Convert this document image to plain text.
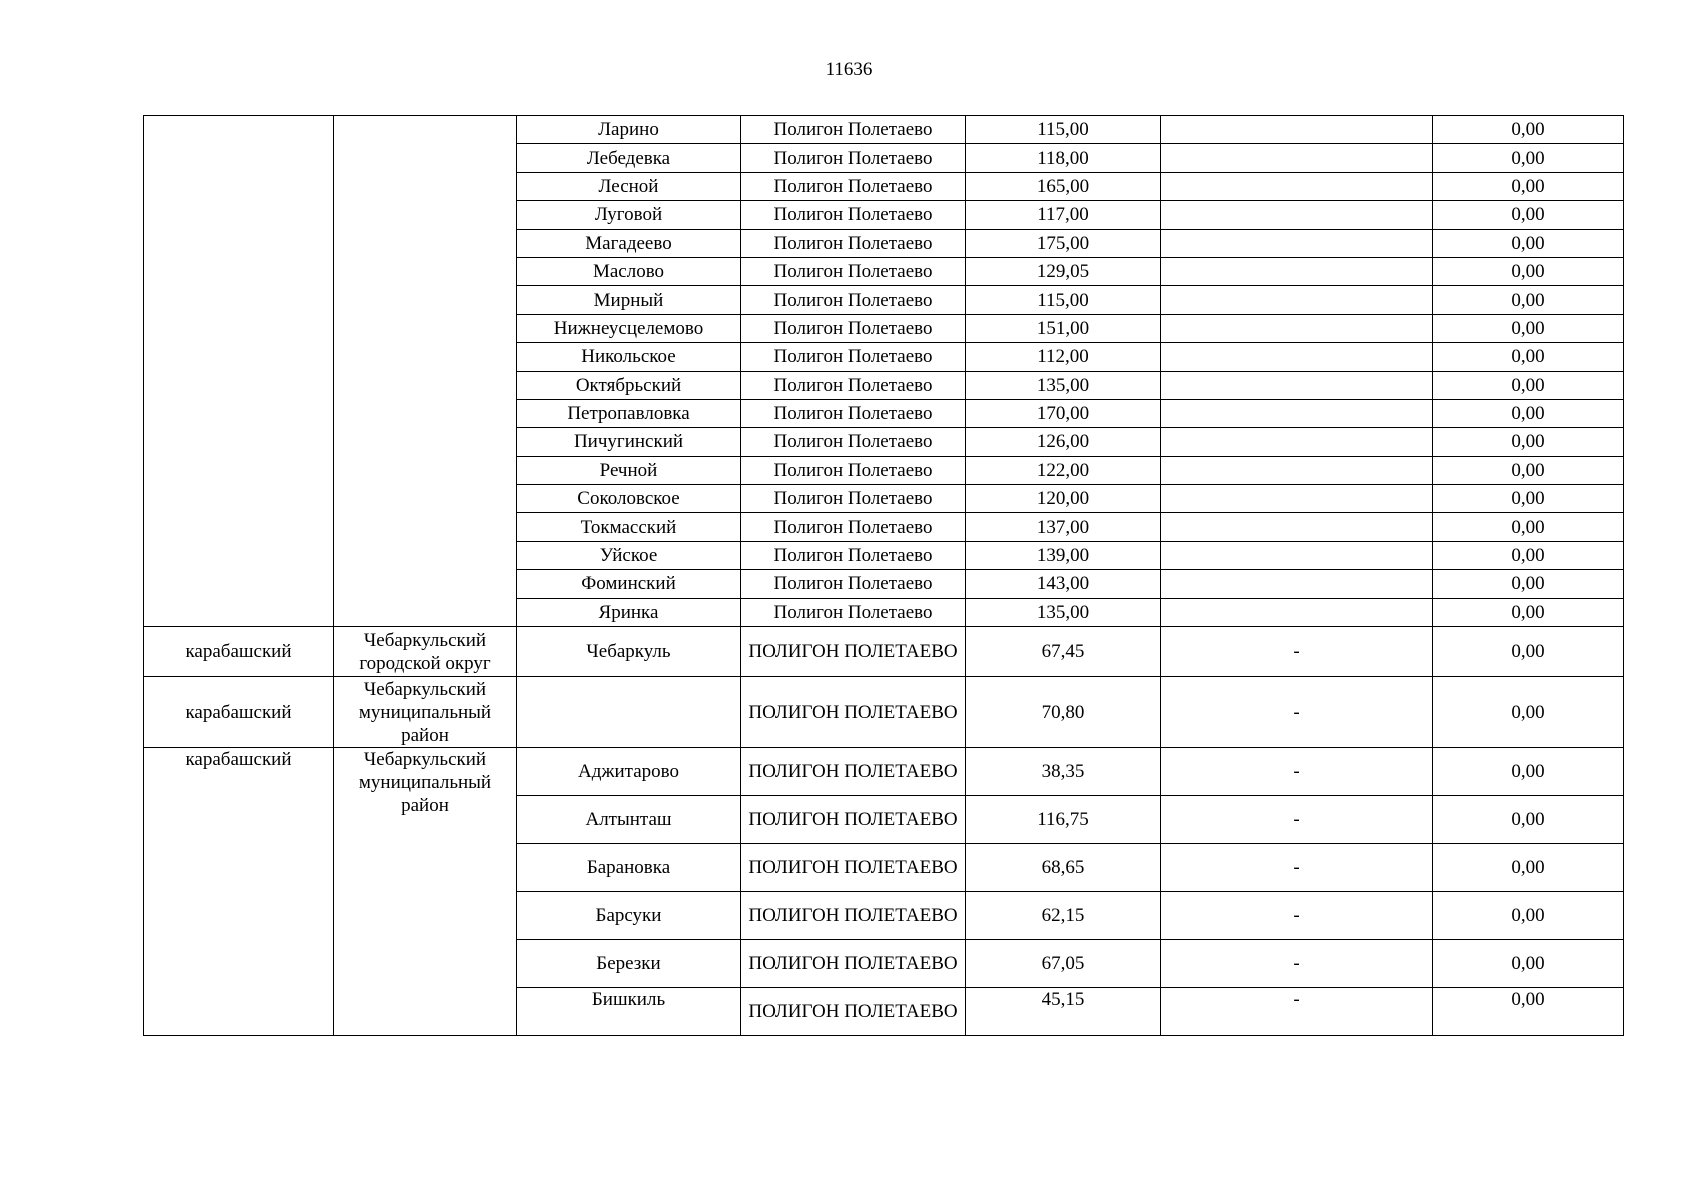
11636
		Ларино	Полигон Полетаево	115,00		0,00
		Лебедевка	Полигон Полетаево	118,00		0,00
		Лесной	Полигон Полетаево	165,00		0,00
		Луговой	Полигон Полетаево	117,00		0,00
		Магадеево	Полигон Полетаево	175,00		0,00
		Маслово	Полигон Полетаево	129,05		0,00
		Мирный	Полигон Полетаево	115,00		0,00
		Нижнеусцелемово	Полигон Полетаево	151,00		0,00
		Никольское	Полигон Полетаево	112,00		0,00
		Октябрьский	Полигон Полетаево	135,00		0,00
		Петропавловка	Полигон Полетаево	170,00		0,00
		Пичугинский	Полигон Полетаево	126,00		0,00
		Речной	Полигон Полетаево	122,00		0,00
		Соколовское	Полигон Полетаево	120,00		0,00
		Токмасский	Полигон Полетаево	137,00		0,00
		Уйское	Полигон Полетаево	139,00		0,00
		Фоминский	Полигон Полетаево	143,00		0,00
		Яринка	Полигон Полетаево	135,00		0,00
карабашский	Чебаркульский городской округ	Чебаркуль	ПОЛИГОН ПОЛЕТАЕВО	67,45	-	0,00
карабашский	Чебаркульский муниципальный район		ПОЛИГОН ПОЛЕТАЕВО	70,80	-	0,00
карабашский	Чебаркульский муниципальный район	Аджитарово	ПОЛИГОН ПОЛЕТАЕВО	38,35	-	0,00
		Алтынташ	ПОЛИГОН ПОЛЕТАЕВО	116,75	-	0,00
		Барановка	ПОЛИГОН ПОЛЕТАЕВО	68,65	-	0,00
		Барсуки	ПОЛИГОН ПОЛЕТАЕВО	62,15	-	0,00
		Березки	ПОЛИГОН ПОЛЕТАЕВО	67,05	-	0,00
		Бишкиль	ПОЛИГОН ПОЛЕТАЕВО	45,15	-	0,00
